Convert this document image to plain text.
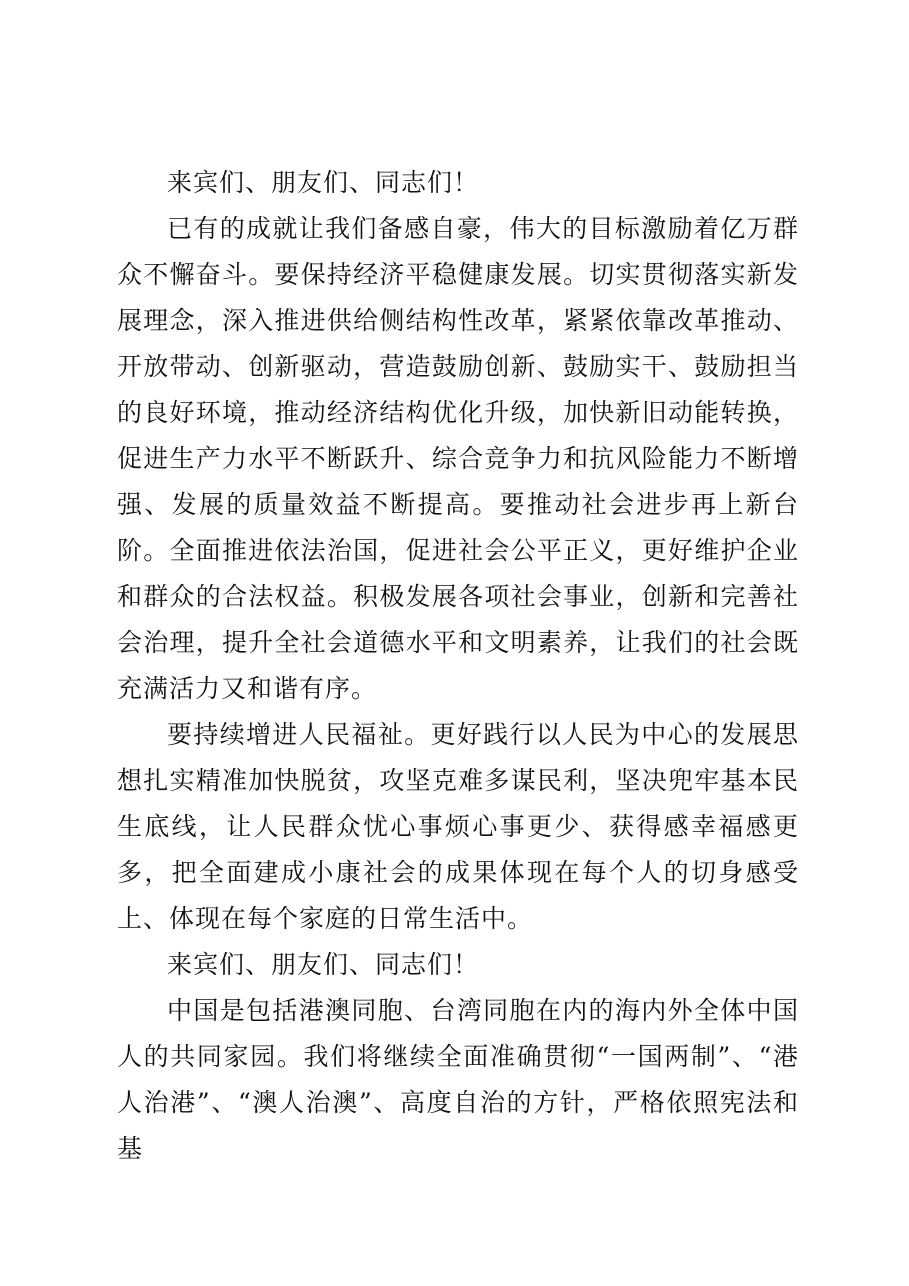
来宾们、朋友们、同志们！

已有的成就让我们备感自豪，伟大的目标激励着亿万群众不懈奋斗。要保持经济平稳健康发展。切实贯彻落实新发展理念，深入推进供给侧结构性改革，紧紧依靠改革推动、开放带动、创新驱动，营造鼓励创新、鼓励实干、鼓励担当的良好环境，推动经济结构优化升级，加快新旧动能转换，促进生产力水平不断跃升、综合竞争力和抗风险能力不断增强、发展的质量效益不断提高。要推动社会进步再上新台阶。全面推进依法治国，促进社会公平正义，更好维护企业和群众的合法权益。积极发展各项社会事业，创新和完善社会治理，提升全社会道德水平和文明素养，让我们的社会既充满活力又和谐有序。

要持续增进人民福祉。更好践行以人民为中心的发展思想扎实精准加快脱贫，攻坚克难多谋民利，坚决兜牢基本民生底线，让人民群众忧心事烦心事更少、获得感幸福感更多，把全面建成小康社会的成果体现在每个人的切身感受上、体现在每个家庭的日常生活中。

来宾们、朋友们、同志们！

中国是包括港澳同胞、台湾同胞在内的海内外全体中国人的共同家园。我们将继续全面准确贯彻“一国两制”、“港人治港”、“澳人治澳”、高度自治的方针，严格依照宪法和基
